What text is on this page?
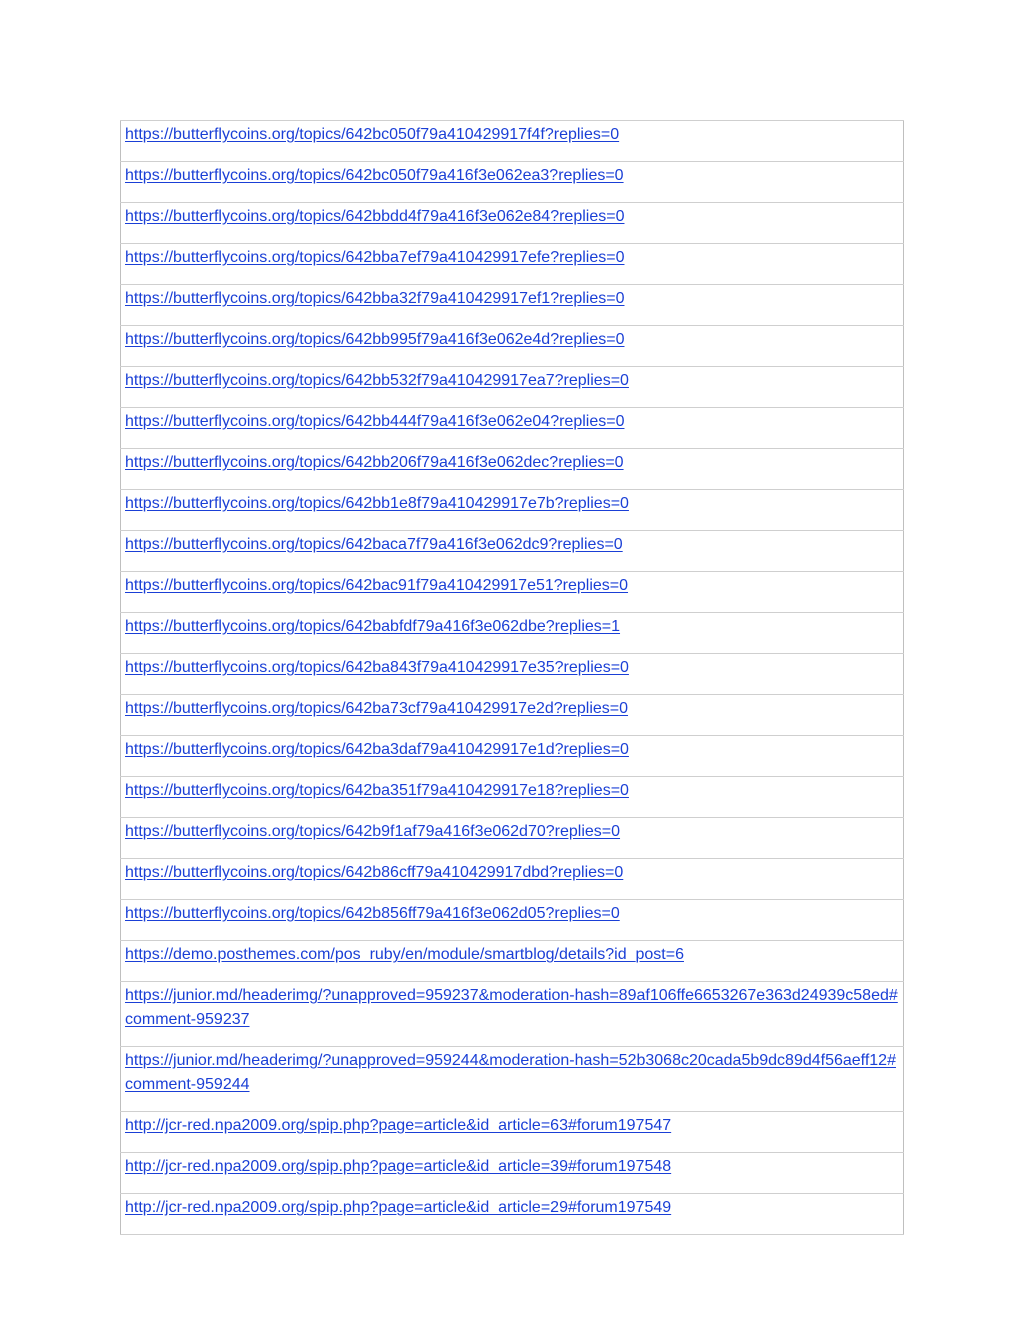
https://butterflycoins.org/topics/642bc050f79a410429917f4f?replies=0
https://butterflycoins.org/topics/642bc050f79a416f3e062ea3?replies=0
https://butterflycoins.org/topics/642bbdd4f79a416f3e062e84?replies=0
https://butterflycoins.org/topics/642bba7ef79a410429917efe?replies=0
https://butterflycoins.org/topics/642bba32f79a410429917ef1?replies=0
https://butterflycoins.org/topics/642bb995f79a416f3e062e4d?replies=0
https://butterflycoins.org/topics/642bb532f79a410429917ea7?replies=0
https://butterflycoins.org/topics/642bb444f79a416f3e062e04?replies=0
https://butterflycoins.org/topics/642bb206f79a416f3e062dec?replies=0
https://butterflycoins.org/topics/642bb1e8f79a410429917e7b?replies=0
https://butterflycoins.org/topics/642baca7f79a416f3e062dc9?replies=0
https://butterflycoins.org/topics/642bac91f79a410429917e51?replies=0
https://butterflycoins.org/topics/642babfdf79a416f3e062dbe?replies=1
https://butterflycoins.org/topics/642ba843f79a410429917e35?replies=0
https://butterflycoins.org/topics/642ba73cf79a410429917e2d?replies=0
https://butterflycoins.org/topics/642ba3daf79a410429917e1d?replies=0
https://butterflycoins.org/topics/642ba351f79a410429917e18?replies=0
https://butterflycoins.org/topics/642b9f1af79a416f3e062d70?replies=0
https://butterflycoins.org/topics/642b86cff79a410429917dbd?replies=0
https://butterflycoins.org/topics/642b856ff79a416f3e062d05?replies=0
https://demo.posthemes.com/pos_ruby/en/module/smartblog/details?id_post=6
https://junior.md/headerimg/?unapproved=959237&moderation-hash=89af106ffe6653267e363d24939c58ed#comment-959237
https://junior.md/headerimg/?unapproved=959244&moderation-hash=52b3068c20cada5b9dc89d4f56aeff12#comment-959244
http://jcr-red.npa2009.org/spip.php?page=article&id_article=63#forum197547
http://jcr-red.npa2009.org/spip.php?page=article&id_article=39#forum197548
http://jcr-red.npa2009.org/spip.php?page=article&id_article=29#forum197549
